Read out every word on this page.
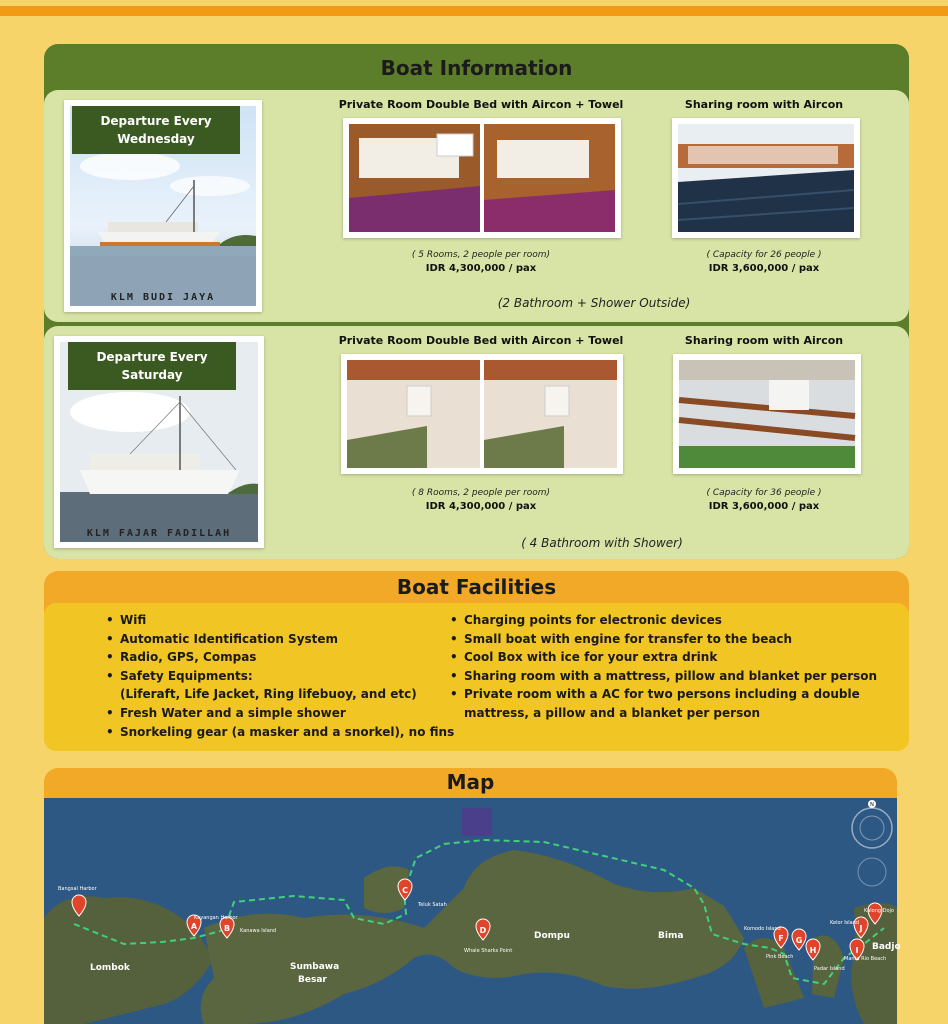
Boat Information
Departure Every Wednesday
KLM BUDI JAYA
Private Room Double Bed with Aircon + Towel
( 5 Rooms, 2 people per room)
IDR 4,300,000 / pax
Sharing room with Aircon
( Capacity for 26 people )
IDR 3,600,000 / pax
(2 Bathroom + Shower Outside)
Departure Every Saturday
KLM FAJAR FADILLAH
Private Room Double Bed with Aircon + Towel
( 8 Rooms, 2 people per room)
IDR 4,300,000 / pax
Sharing room with Aircon
( Capacity for 36 people )
IDR 3,600,000 / pax
( 4 Bathroom with Shower)
Boat Facilities
• Wifi
• Automatic Identification System
• Radio, GPS, Compas
• Safety Equipments:
(Liferaft, Life Jacket, Ring lifebuoy, and etc)
• Fresh Water and a simple shower
• Snorkeling gear (a masker and a snorkel), no fins
• Charging points for electronic devices
• Small boat with engine for transfer to the beach
• Cool Box with ice for your extra drink
• Sharing room with a mattress, pillow and blanket per person
• Private room with a AC for two persons including a double
mattress, a pillow and a blanket per person
Map
A	B
C
D
F G
H	I
J
N
Lombok	Sumbawa
Besar
Dompu	Bima
Badjo
Bangsal Harbor
Kayangan Harbor
Kanawa Island
Teluk Satah
Whale Sharks Point
Komodo Island
Pink Beach
Padar Island
Manta Rio Beach
Kelor Island
Kalong Dojo
